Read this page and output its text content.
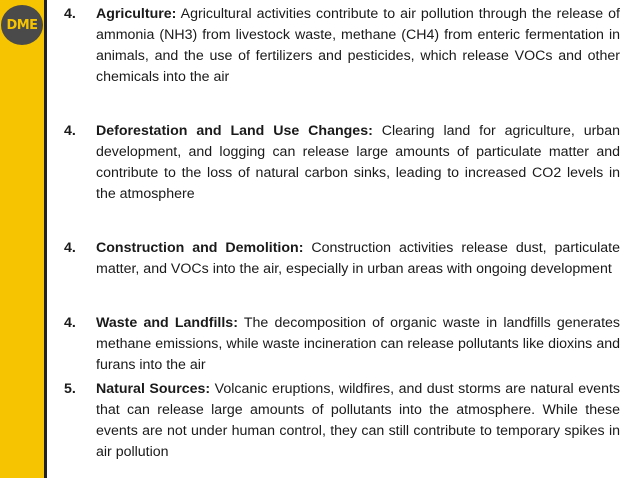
DME
4.	Agriculture: Agricultural activities contribute to air pollution through the release of ammonia (NH3) from livestock waste, methane (CH4) from enteric fermentation in animals, and the use of fertilizers and pesticides, which release VOCs and other chemicals into the air
4.	Deforestation and Land Use Changes: Clearing land for agriculture, urban development, and logging can release large amounts of particulate matter and contribute to the loss of natural carbon sinks, leading to increased CO2 levels in the atmosphere
4.	Construction and Demolition: Construction activities release dust, particulate matter, and VOCs into the air, especially in urban areas with ongoing development
4.	Waste and Landfills: The decomposition of organic waste in landfills generates methane emissions, while waste incineration can release pollutants like dioxins and furans into the air
5.	Natural Sources: Volcanic eruptions, wildfires, and dust storms are natural events that can release large amounts of pollutants into the atmosphere. While these events are not under human control, they can still contribute to temporary spikes in air pollution
